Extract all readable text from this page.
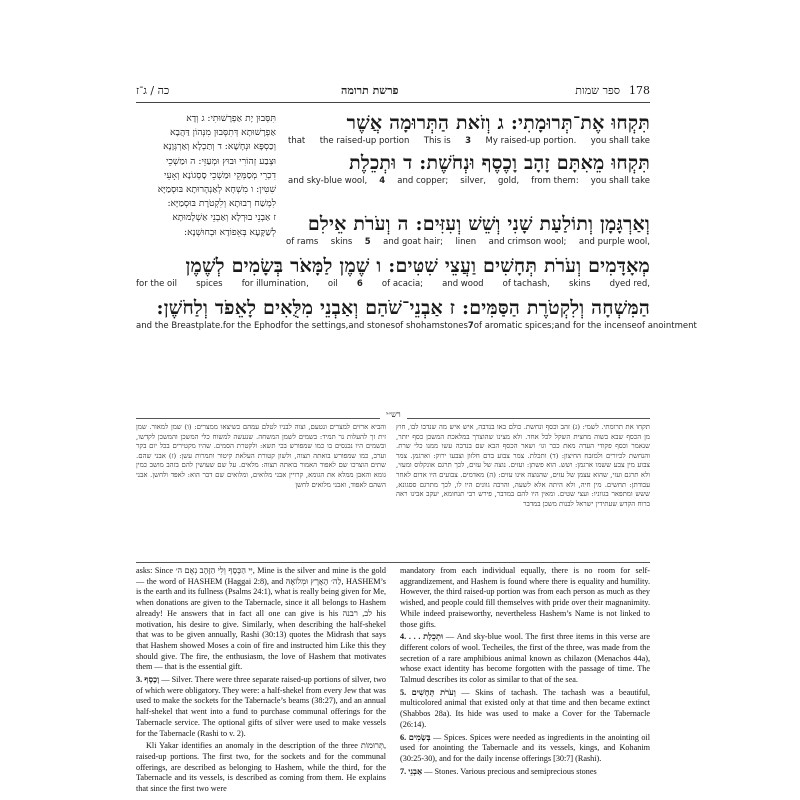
כה / ג־ז	פרשת תרומה	ספר שמות 178
תִּסְּבוּן יָת אַפְרָשׁוּתִי: ג וְדָא
אַפְרָשׁוּתָא דְּתִסְּבוּן מִנְּהוֹן דַּהֲבָא
וְכַסְפָּא וּנְחָשָׁא: ד וְתַכְלָא וְאַרְגְּוָנָא
וּצְבַע זְהוֹרִי וּבוּץ וּמְעַזֵּי: ה וּמַשְׁכֵי
דִכְרֵי מְסַמְּקֵי וּמַשְׁכֵי סָסְגוֹנָא וְאָעֵי
שִׁטִּין: ו מִשְׁחָא לְאַנְהָרוּתָא בּוּסְמַיָּא
לִמְשַׁח רְבוּתָא וְלִקְטֹרֶת בּוּסְמַיָּא:
ז אַבְנֵי בוּרְלָא וְאַבְנֵי אַשְׁלָמוּתָא
לְשַׁקָּעָא בְּאֵפוֹדָא וּבְחוּשְׁנָא:
תִּקְחוּ אֶת־תְּרוּמָתִי: ג וְזֹאת הַתְּרוּמָה אֲשֶׁר
that the raised-up portion This is 3 My raised-up portion. you shall take
תִּקְחוּ מֵאִתָּם זָהָב וָכֶסֶף וּנְחֹשֶׁת: ד וּתְכֵלֶת
and sky-blue wool, 4 and copper; silver, gold, from them: you shall take
וְאַרְגָּמָן וְתוֹלַעַת שָׁנִי וְשֵׁשׁ וְעִזִּים: ה וְעֹרֹת אֵילִם
of rams skins 5 and goat hair; linen and crimson wool; and purple wool,
מְאָדָּמִים וְעֹרֹת תְּחָשִׁים וַעֲצֵי שִׁטִּים: ו שֶׁמֶן לַמָּאֹר בְּשָׂמִים לְשֶׁמֶן
for the oil spices for illumination, oil 6 of acacia; and wood of tachash, skins dyed red,
הַמִּשְׁחָה וְלִקְטֹרֶת הַסַּמִּים: ז אַבְנֵי־שֹׁהַם וְאַבְנֵי מִלֻּאִים לָאֵפֹד וְלַחֹשֶׁן:
and the Breastplate. for the Ephod for the settings, and stones of shoham stones 7 of aromatic spices; and for the incense of anointment
רש״י
תקחו את תרומתי. לשמי: (ג) זהב וכסף ונחשת. כולם באו בנדבה, איש איש מה שנדבו לבו, חוץ מן הכסף שבא בשוה מחצית השקל לכל אחד. ולא מצינו שהוצרך במלאכת המשכן כסף יותר, שנאמר וכסף פקודי העדה מאת ככר וגו׳ ושאר הכסף הבא שם בנדבה עשו ממנו כלי שרת. והנחשת לכיורים ולמזבח החיצון: (ד) ותכלת. צמר צבוע בדם חלזון וצבעו ירוק: וארגמן. צמר צבוע מין צבע ששמו ארגמן: ושש. הוא פשתן: ועזים. נוצה של עזים, לכך תרגם אונקלוס ומעזי, ולא תרגם ועזי, שהוא עצמן של עזים, שהנוצה אינו עזים: (ה) מאדמים. צבועים היו אדום לאחר עבודתן: תחשים. מין חיה, ולא היתה אלא לשעה, והרבה גוונים היו לו, לכך מתרגם ססגונא, ששש ומתפאר בגווניו: ועצי שטים. ומאין היו להם במדבר, פירש רבי תנחומא, יעקב אבינו ראה ברוח הקדש שעתידין ישראל לבנות משכן במדבר
והביא ארזים למצרים ונטעם, וצוה לבניו לטלם עמהם כשיצאו ממצרים: (ו) שמן למאור. שמן זית זך להעלות נר תמיד: בשמים לשמן המשחה. שנעשה למשוח כלי המשכן והמשכן לקדשו, ובשמים היו נכנסים בו כמו שמפורש בכי תשא: ולקטרת הסמים. שהיו מקטירים בכל יום בקר וערב, כמו שמפורש בואתה תצוה, ולשון קטורת העלאת קיטור ותמרות עשן: (ז) אבני שהם. שתים הוצרכו שם לאפוד האמור בואתה תצוה: מלאים. על שם שעושין להם בזהב מושב כמין גומא והאבן ממלא את הגומא, קרויין אבני מלואים, ומלואים שם דבר הוא: לאפד ולחשן. אבני השהם לאפוד, ואבני מלואים לחשן

asks: Since יִּי הַכֶּסֶף וְלִי הַזָּהָב נְאֻם ה׳, Mine is the silver and mine is the gold — the word of HASHEM (Haggai 2:8), and לַה׳ הָאָרֶץ וּמְלוֹאָהּ, HASHEM’s is the earth and its fullness (Psalms 24:1), what is really being given for Me, when donations are given to the Tabernacle, since it all belongs to Hashem already! He answers that in fact all one can give is his לב, רבנה his motivation, his desire to give. Similarly, when describing the half-shekel that was to be given annually, Rashi (30:13) quotes the Midrash that says that Hashem showed Moses a coin of fire and instructed him Like this they should give. The fire, the enthusiasm, the love of Hashem that motivates them — that is the essential gift.

3. וָכֶסֶף — Silver. There were three separate raised-up portions of silver, two of which were obligatory. They were: a half-shekel from every Jew that was used to make the sockets for the Tabernacle’s beams (38:27), and an annual half-shekel that went into a fund to purchase communal offerings for the Tabernacle service. The optional gifts of silver were used to make vessels for the Tabernacle (Rashi to v. 2).

Kli Yakar identifies an anomaly in the description of the three תְּרוּמוֹת, raised-up portions. The first two, for the sockets and for the communal offerings, are described as belonging to Hashem, while the third, for the Tabernacle and its vessels, is described as coming from them. He explains that since the first two were

mandatory from each individual equally, there is no room for self-aggrandizement, and Hashem is found where there is equality and humility. However, the third raised-up portion was from each person as much as they wished, and people could fill themselves with pride over their magnanimity. While indeed praiseworthy, nevertheless Hashem’s Name is not linked to those gifts.

4. . . . וּתְכֵלֶת — And sky-blue wool. The first three items in this verse are different colors of wool. Techeiles, the first of the three, was made from the secretion of a rare amphibious animal known as chilazon (Menachos 44a), whose exact identity has become forgotten with the passage of time. The Talmud describes its color as similar to that of the sea.

5. וְעֹרֹת תְּחָשִׁים — Skins of tachash. The tachash was a beautiful, multicolored animal that existed only at that time and then became extinct (Shabbos 28a). Its hide was used to make a Cover for the Tabernacle (26:14).

6. בְּשָׂמִים — Spices. Spices were needed as ingredients in the anointing oil used for anointing the Tabernacle and its vessels, kings, and Kohanim (30:25-30), and for the daily incense offerings [30:7] (Rashi).

7. אַבְנֵי — Stones. Various precious and semiprecious stones
